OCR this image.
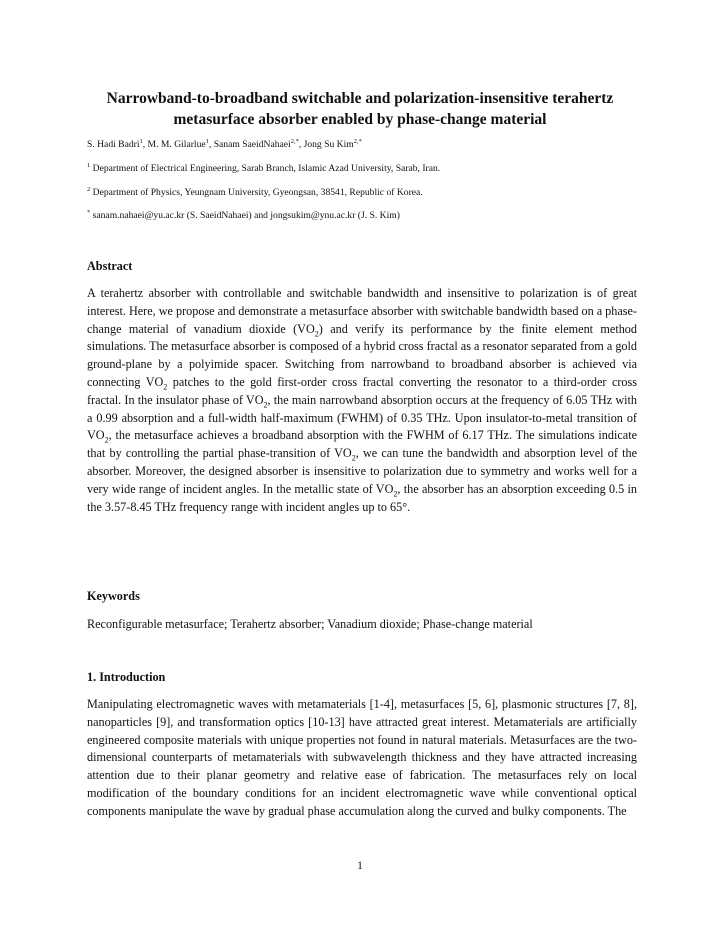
Narrowband-to-broadband switchable and polarization-insensitive terahertz
metasurface absorber enabled by phase-change material
S. Hadi Badri$^1$, M. M. Gilarlue$^1$, Sanam SaeidNahaei$^{2,*}$, Jong Su Kim$^{2,*}$
$^1$ Department of Electrical Engineering, Sarab Branch, Islamic Azad University, Sarab, Iran.
$^2$ Department of Physics, Yeungnam University, Gyeongsan, 38541, Republic of Korea.
* sanam.nahaei@yu.ac.kr (S. SaeidNahaei) and jongsukim@ynu.ac.kr (J. S. Kim)
Abstract
A terahertz absorber with controllable and switchable bandwidth and insensitive to polarization is of great interest. Here, we propose and demonstrate a metasurface absorber with switchable bandwidth based on a phase-change material of vanadium dioxide $(VO_2)$ and verify its performance by the finite element method simulations. The metasurface absorber is composed of a hybrid cross fractal as a resonator separated from a gold ground-plane by a polyimide spacer. Switching from narrowband to broadband absorber is achieved via connecting $VO_2$ patches to the gold first-order cross fractal converting the resonator to a third-order cross fractal. In the insulator phase of $VO_2$, the main narrowband absorption occurs at the frequency of 6.05 THz with a 0.99 absorption and a full-width half-maximum (FWHM) of 0.35 THz. Upon insulator-to-metal transition of $VO_2$, the metasurface achieves a broadband absorption with the FWHM of 6.17 THz. The simulations indicate that by controlling the partial phase-transition of $VO_2$, we can tune the bandwidth and absorption level of the absorber. Moreover, the designed absorber is insensitive to polarization due to symmetry and works well for a very wide range of incident angles. In the metallic state of $VO_2$, the absorber has an absorption exceeding 0.5 in the 3.57-8.45 THz frequency range with incident angles up to 65°.
Keywords
Reconfigurable metasurface; Terahertz absorber; Vanadium dioxide; Phase-change material
1. Introduction
Manipulating electromagnetic waves with metamaterials [1-4], metasurfaces [5, 6], plasmonic structures [7, 8], nanoparticles [9], and transformation optics [10-13] have attracted great interest. Metamaterials are artificially engineered composite materials with unique properties not found in natural materials. Metasurfaces are the two-dimensional counterparts of metamaterials with subwavelength thickness and they have attracted increasing attention due to their planar geometry and relative ease of fabrication. The metasurfaces rely on local modification of the boundary conditions for an incident electromagnetic wave while conventional optical components manipulate the wave by gradual phase accumulation along the curved and bulky components. The
1
